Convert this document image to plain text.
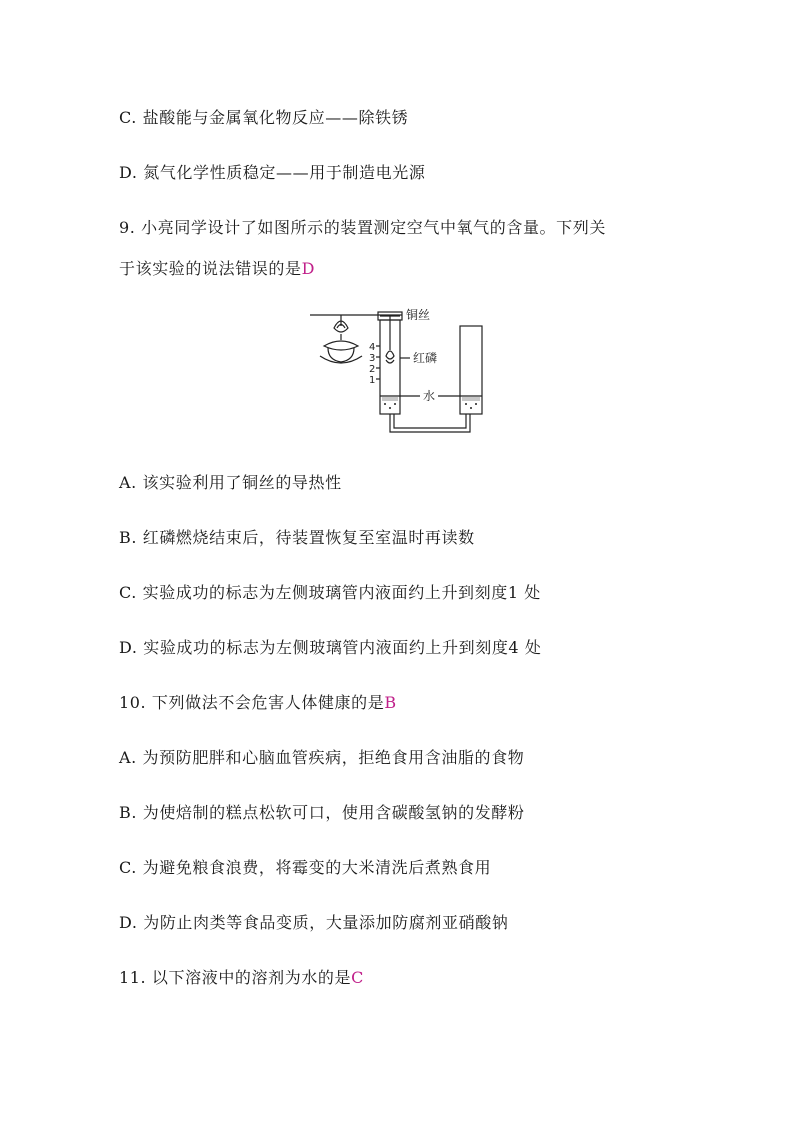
C. 盐酸能与金属氧化物反应——除铁锈
D. 氮气化学性质稳定——用于制造电光源
9. 小亮同学设计了如图所示的装置测定空气中氧气的含量。下列关
于该实验的说法错误的是D
铜丝
红磷
水
4
3
2
1
A. 该实验利用了铜丝的导热性
B. 红磷燃烧结束后，待装置恢复至室温时再读数
C. 实验成功的标志为左侧玻璃管内液面约上升到刻度1 处
D. 实验成功的标志为左侧玻璃管内液面约上升到刻度4 处
10. 下列做法不会危害人体健康的是B
A. 为预防肥胖和心脑血管疾病，拒绝食用含油脂的食物
B. 为使焙制的糕点松软可口，使用含碳酸氢钠的发酵粉
C. 为避免粮食浪费，将霉变的大米清洗后煮熟食用
D. 为防止肉类等食品变质，大量添加防腐剂亚硝酸钠
11. 以下溶液中的溶剂为水的是C
